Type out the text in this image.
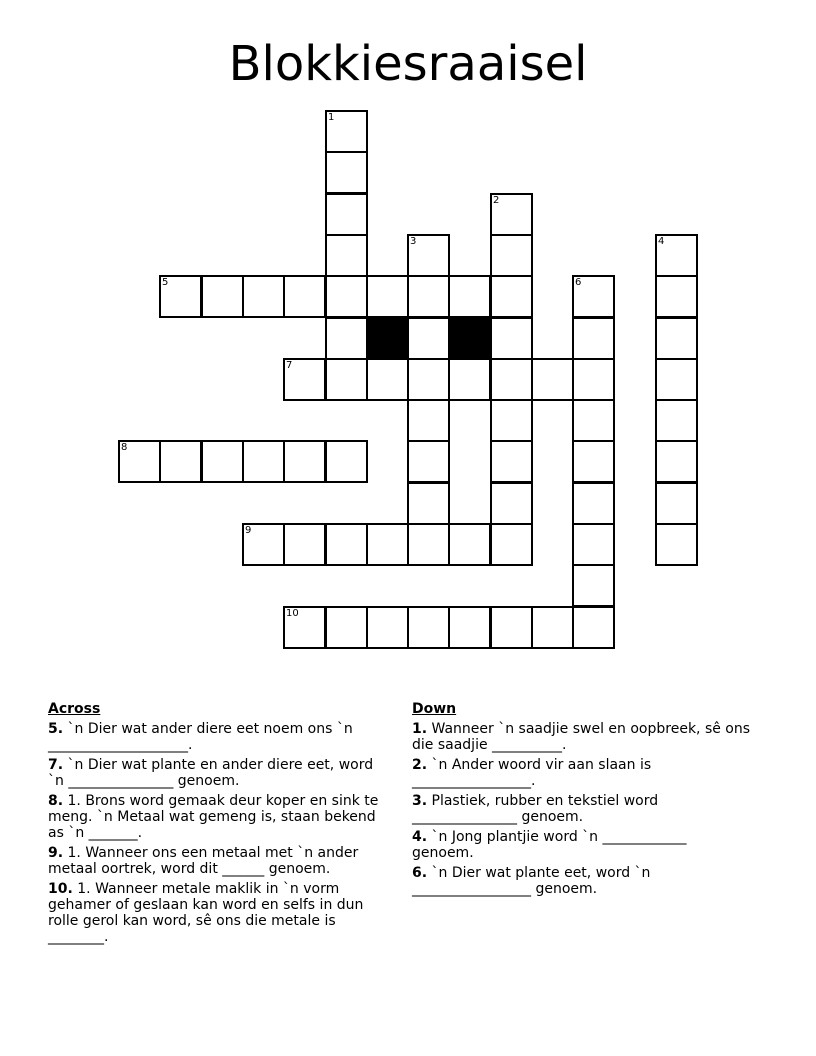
Blokkiesraaisel
1
2
3	4
5	6
7
8
9
10
Across
5. `n Dier wat ander diere eet noem ons `n ____________________.
7. `n Dier wat plante en ander diere eet, word `n _______________ genoem.
8. 1. Brons word gemaak deur koper en sink te meng. `n Metaal wat gemeng is, staan bekend as `n _______.
9. 1. Wanneer ons een metaal met `n ander metaal oortrek, word dit ______ genoem.
10. 1. Wanneer metale maklik in `n vorm gehamer of geslaan kan word en selfs in dun rolle gerol kan word, sê ons die metale is ________.
Down
1. Wanneer `n saadjie swel en oopbreek, sê ons die saadjie __________.
2. `n Ander woord vir aan slaan is _________________.
3. Plastiek, rubber en tekstiel word _______________ genoem.
4. `n Jong plantjie word `n ____________ genoem.
6. `n Dier wat plante eet, word `n _________________ genoem.
